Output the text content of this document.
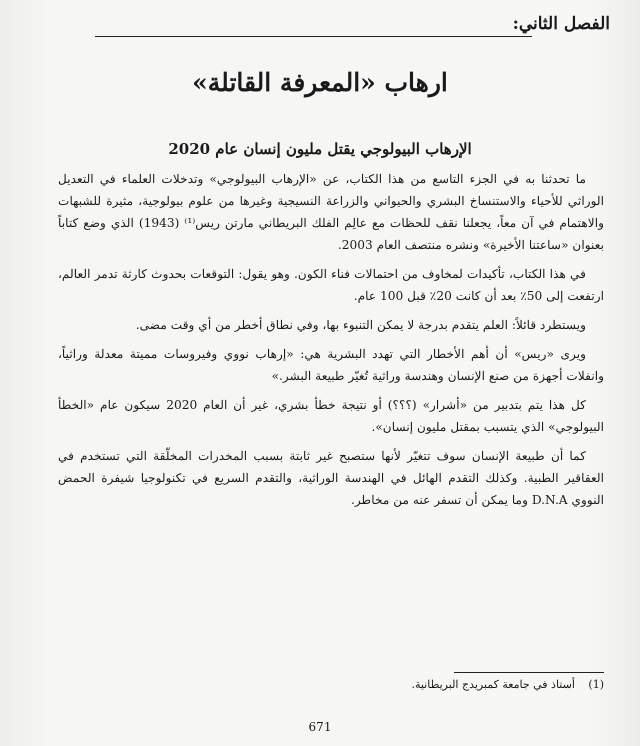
الفصل الثاني:
ارهاب «المعرفة القاتلة»
الإرهاب البيولوجي يقتل مليون إنسان عام 2020

ما تحدثنا به في الجزء التاسع من هذا الكتاب، عن «الإرهاب البيولوجي» وتدخلات العلماء في التعديل الوراثي للأحياء والاستنساخ البشري والحيواني والزراعة النسيجية وغيرها من علوم بيولوجية، مثيرة للشبهات والاهتمام في آن معاً، يجعلنا نقف للحظات مع عالِم الفلك البريطاني مارتن ريس⁽¹⁾ (1943) الذي وضع كتاباً بعنوان «ساعتنا الأخيرة» ونشره منتصف العام 2003.

في هذا الكتاب، تأكيدات لمخاوف من احتمالات فناء الكون. وهو يقول: التوقعات بحدوث كارثة تدمر العالم، ارتفعت إلى 50٪ بعد أن كانت 20٪ قبل 100 عام.

ويستطرد قائلاً: العلم يتقدم بدرجة لا يمكن التنبوء بها، وفي نطاق أخطر من أي وقت مضى.

ويرى «ريس» أن أهم الأخطار التي تهدد البشرية هي: «إرهاب نووي وفيروسات مميتة معدلة وراثياً، وانفلات أجهزة من صنع الإنسان وهندسة وراثية تُغيّر طبيعة البشر.»

كل هذا يتم بتدبير من «أشرار» (؟؟؟) أو نتيجة خطأ بشري، غير أن العام 2020 سيكون عام «الخطأ البيولوجي» الذي يتسبب بمقتل مليون إنسان».

كما أن طبيعة الإنسان سوف تتغيّر لأنها ستصبح غير ثابتة بسبب المخدرات المخلّقة التي تستخدم في العقاقير الطبية. وكذلك التقدم الهائل في الهندسة الوراثية، والتقدم السريع في تكنولوجيا شيفرة الحمض النووي D.N.A وما يمكن أن تسفر عنه من مخاطر.

(1) أستاذ في جامعة كمبريدج البريطانية.
671
